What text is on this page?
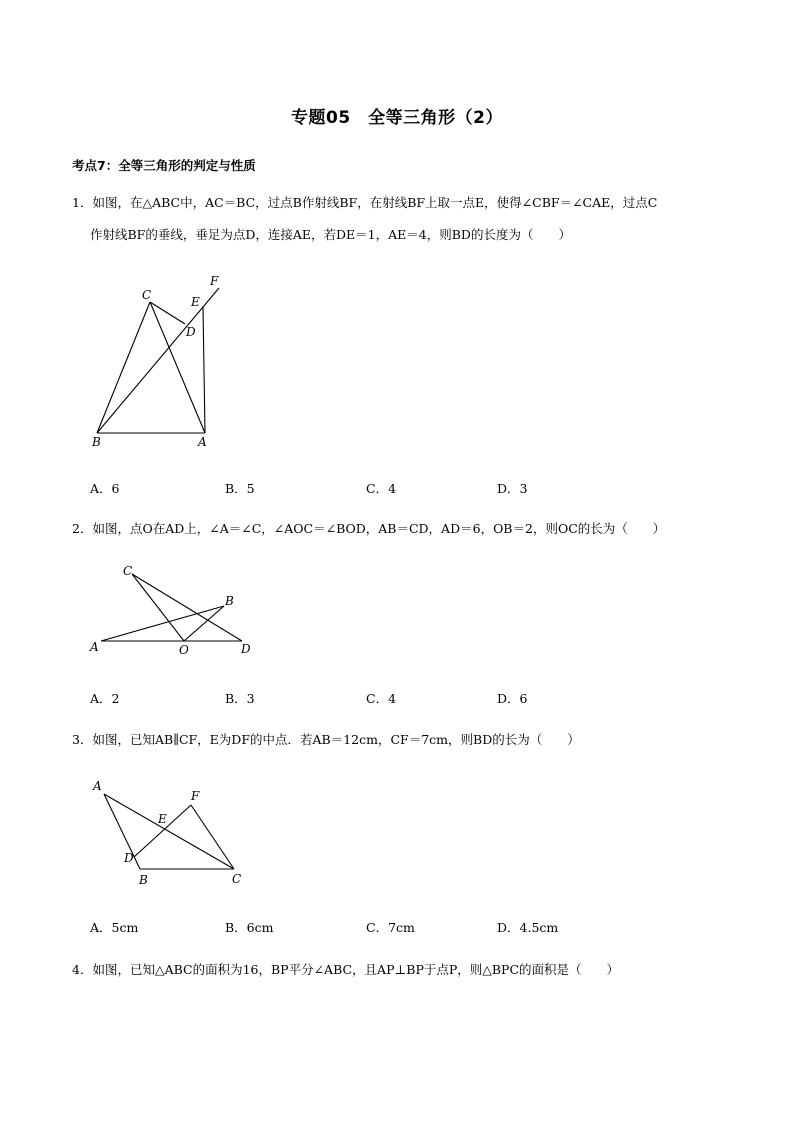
专题05　全等三角形（2）
考点7：全等三角形的判定与性质
1．如图，在△ABC中，AC＝BC，过点B作射线BF，在射线BF上取一点E，使得∠CBF＝∠CAE，过点C
作射线BF的垂线，垂足为点D，连接AE，若DE＝1，AE＝4，则BD的长度为（　　）
C
F
E
D
B	A
A．6	B．5	C．4	D．3
2．如图，点O在AD上，∠A＝∠C，∠AOC＝∠BOD，AB＝CD，AD＝6，OB＝2，则OC的长为（　　）
C
B
A	O	D
A．2	B．3	C．4	D．6
3．如图，已知AB∥CF，E为DF的中点．若AB＝12cm，CF＝7cm，则BD的长为（　　）
A
F
E
D
B	C
A．5cm	B．6cm	C．7cm	D．4.5cm
4．如图，已知△ABC的面积为16，BP平分∠ABC，且AP⊥BP于点P，则△BPC的面积是（　　）
